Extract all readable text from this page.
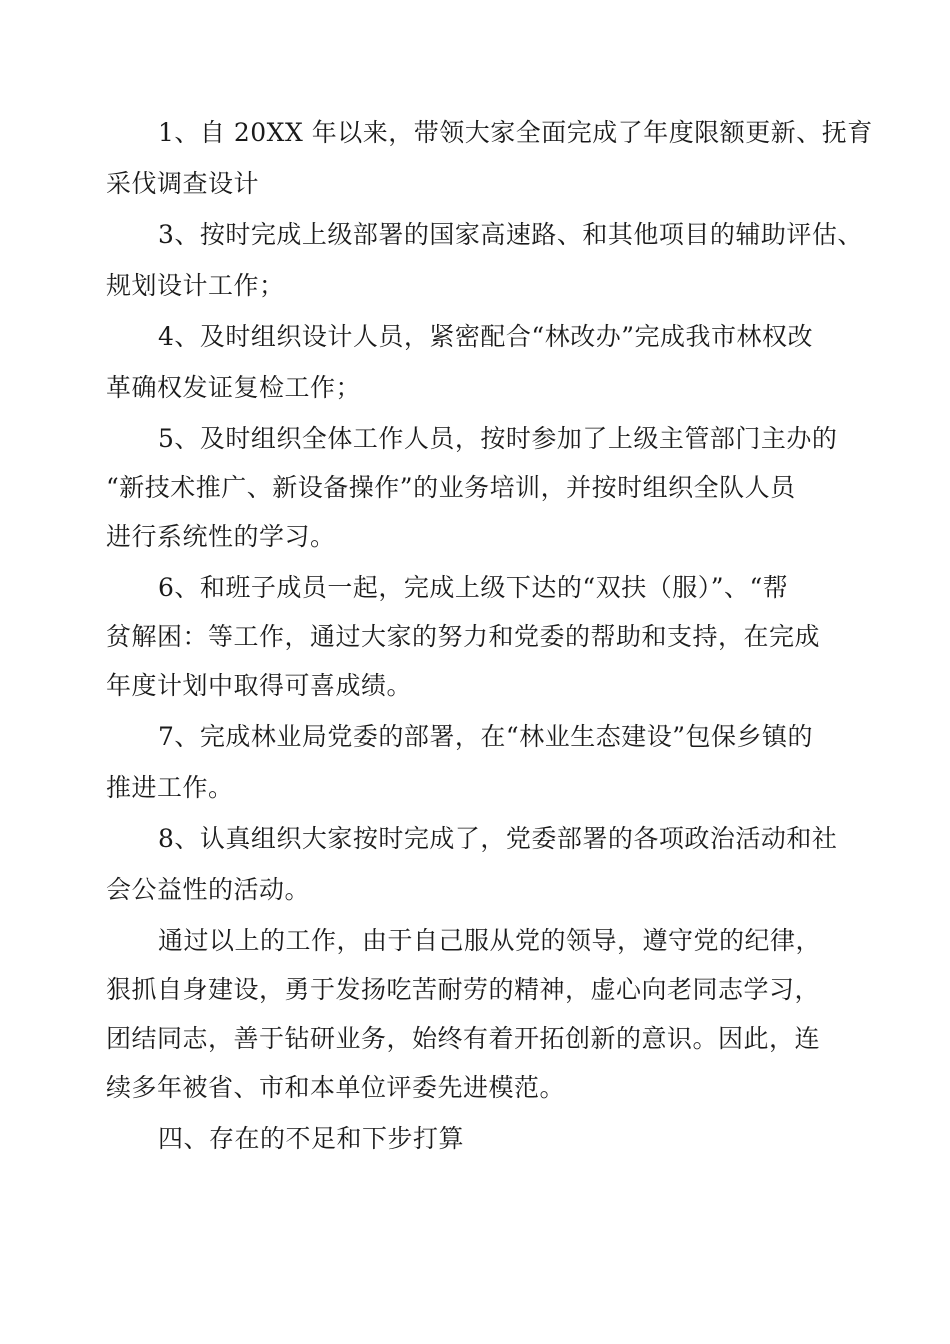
1、自 20XX 年以来，带领大家全面完成了年度限额更新、抚育
采伐调查设计
3、按时完成上级部署的国家高速路、和其他项目的辅助评估、
规划设计工作；
4、及时组织设计人员，紧密配合“林改办”完成我市林权改
革确权发证复检工作；
5、及时组织全体工作人员，按时参加了上级主管部门主办的
“新技术推广、新设备操作”的业务培训，并按时组织全队人员
进行系统性的学习。
6、和班子成员一起，完成上级下达的“双扶（服）”、“帮
贫解困：等工作，通过大家的努力和党委的帮助和支持，在完成
年度计划中取得可喜成绩。
7、完成林业局党委的部署，在“林业生态建设”包保乡镇的
推进工作。
8、认真组织大家按时完成了，党委部署的各项政治活动和社
会公益性的活动。
通过以上的工作，由于自己服从党的领导，遵守党的纪律，
狠抓自身建设，勇于发扬吃苦耐劳的精神，虚心向老同志学习，
团结同志，善于钻研业务，始终有着开拓创新的意识。因此，连
续多年被省、市和本单位评委先进模范。
四、存在的不足和下步打算
